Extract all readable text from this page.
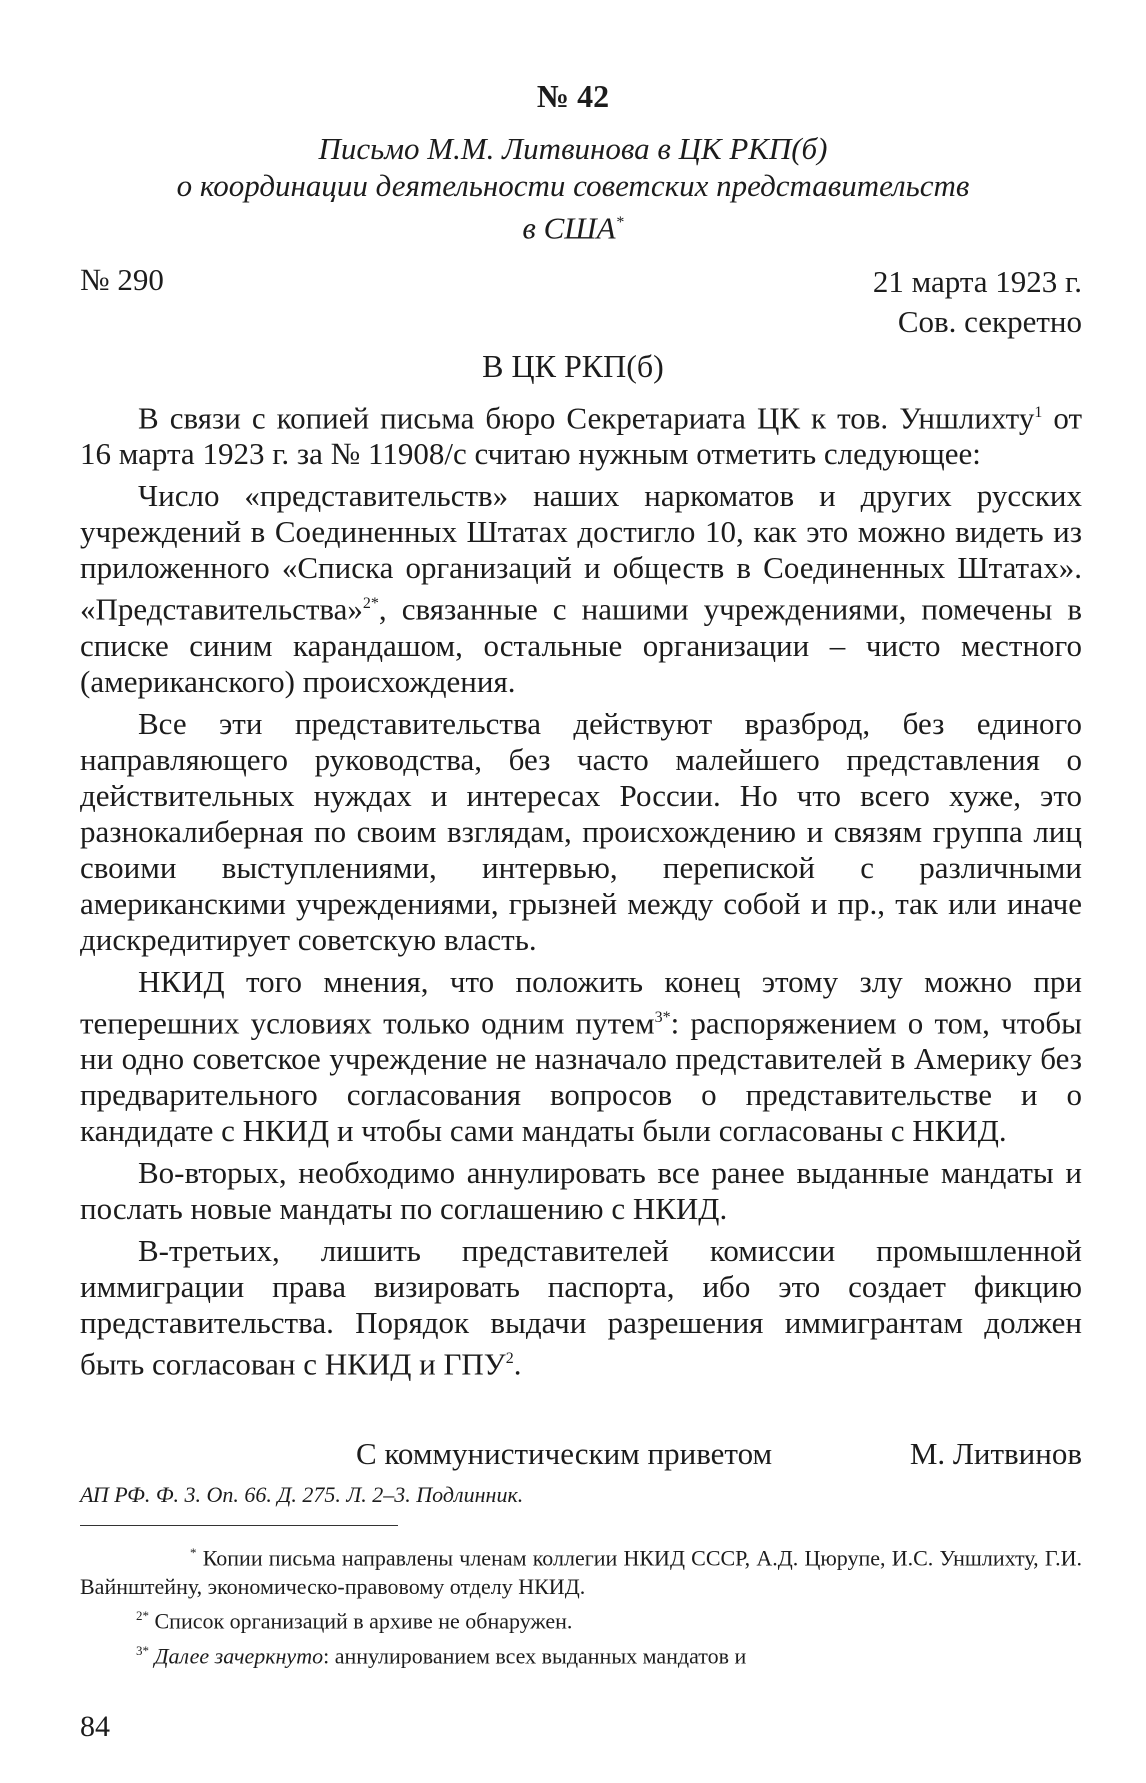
№ 42
Письмо М.М. Литвинова в ЦК РКП(б)
о координации деятельности советских представительств
в США*
№ 290	21 марта 1923 г.
Сов. секретно
В ЦК РКП(б)

В связи с копией письма бюро Секретариата ЦК к тов. Уншлихту$^1$ от 16 марта 1923 г. за № 11908/с считаю нужным отметить следующее:

Число «представительств» наших наркоматов и других русских учреждений в Соединенных Штатах достигло 10, как это можно видеть из приложенного «Списка организаций и обществ в Соединенных Штатах». «Представительства»$^{2*}$, связанные с нашими учреждениями, помечены в списке синим карандашом, остальные организации – чисто местного (американского) происхождения.

Все эти представительства действуют вразброд, без единого направляющего руководства, без часто малейшего представления о действительных нуждах и интересах России. Но что всего хуже, это разнокалиберная по своим взглядам, происхождению и связям группа лиц своими выступлениями, интервью, перепиской с различными американскими учреждениями, грызней между собой и пр., так или иначе дискредитирует советскую власть.

НКИД того мнения, что положить конец этому злу можно при теперешних условиях только одним путем$^{3*}$: распоряжением о том, чтобы ни одно советское учреждение не назначало представителей в Америку без предварительного согласования вопросов о представительстве и о кандидате с НКИД и чтобы сами мандаты были согласованы с НКИД.

Во-вторых, необходимо аннулировать все ранее выданные мандаты и послать новые мандаты по соглашению с НКИД.

В-третьих, лишить представителей комиссии промышленной иммиграции права визировать паспорта, ибо это создает фикцию представительства. Порядок выдачи разрешения иммигрантам должен быть согласован с НКИД и ГПУ$^2$.

С коммунистическим приветом	М. Литвинов
АП РФ. Ф. 3. Оп. 66. Д. 275. Л. 2–3. Подлинник.

* Копии письма направлены членам коллегии НКИД СССР, А.Д. Цюрупе, И.С. Уншлихту, Г.И. Вайнштейну, экономическо-правовому отделу НКИД.

$^{2*}$ Список организаций в архиве не обнаружен.

$^{3*}$ Далее зачеркнуто: аннулированием всех выданных мандатов и

84
